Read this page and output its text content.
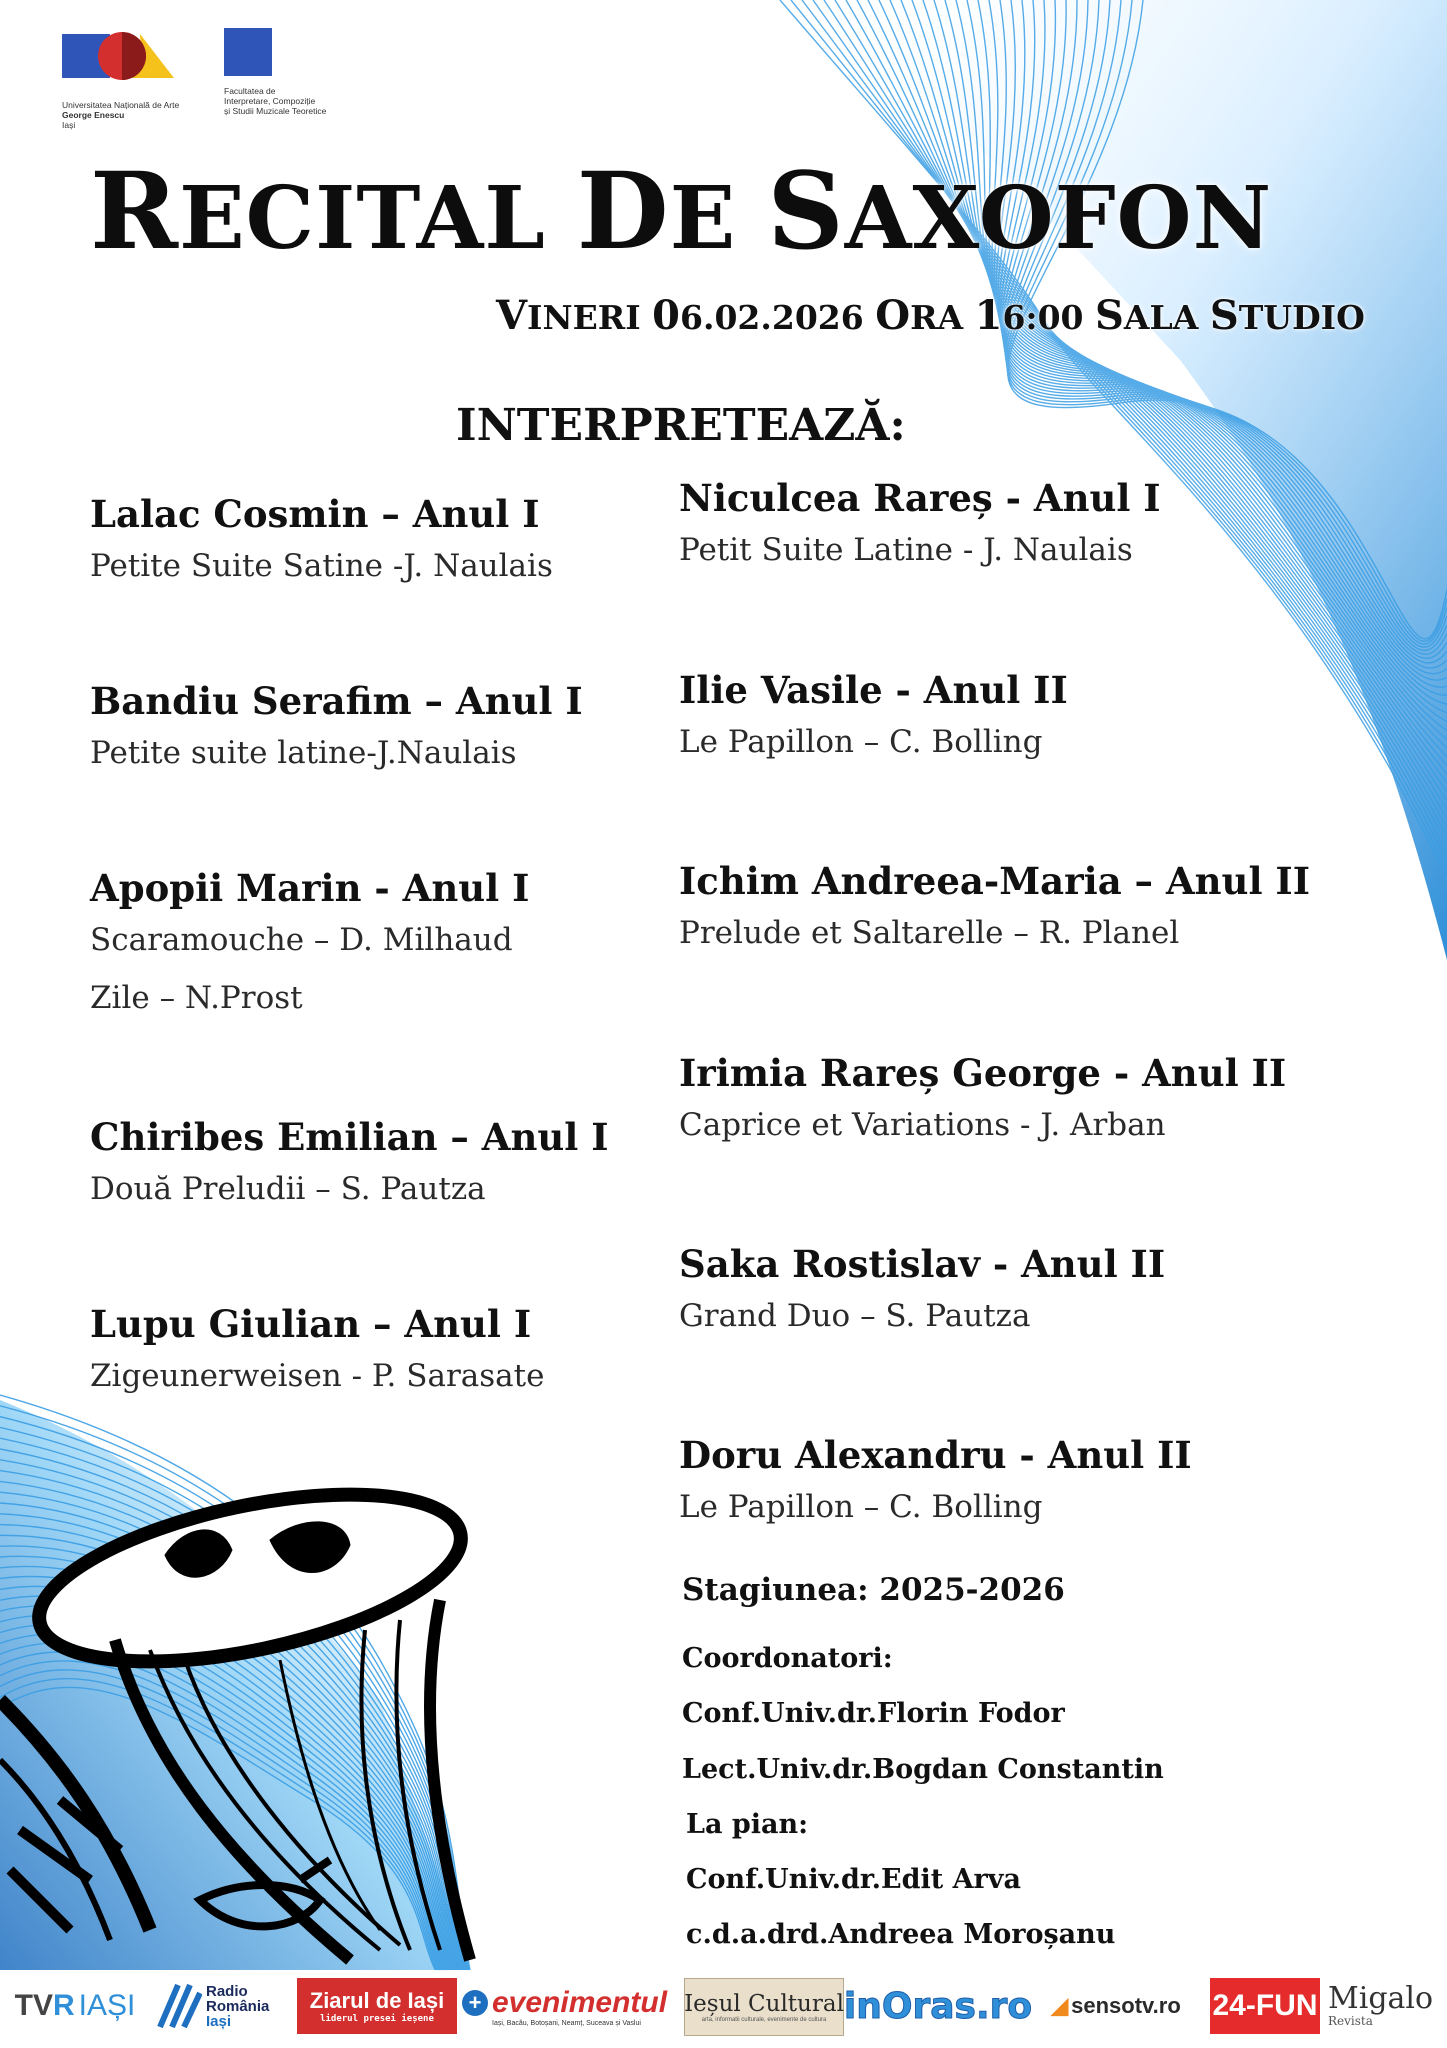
Universitatea Națională de Arte
George Enescu
Iași
Facultatea de
Interpretare, Compoziție
și Studii Muzicale Teoretice
RECITAL DE SAXOFON
VINERI 06.02.2026 ORA 16:00 SALA STUDIO
INTERPRETEAZĂ:
Lalac Cosmin – Anul I
Petite Suite Satine -J. Naulais
Bandiu Serafim – Anul I
Petite suite latine-J.Naulais
Apopii Marin - Anul I
Scaramouche – D. Milhaud
Zile – N.Prost
Chiribes Emilian – Anul I
Două Preludii – S. Pautza
Lupu Giulian – Anul I
Zigeunerweisen - P. Sarasate
Niculcea Rareș - Anul I
Petit Suite Latine - J. Naulais
Ilie Vasile - Anul II
Le Papillon – C. Bolling
Ichim Andreea-Maria – Anul II
Prelude et Saltarelle – R. Planel
Irimia Rareș George - Anul II
Caprice et Variations - J. Arban
Saka Rostislav - Anul II
Grand Duo – S. Pautza
Doru Alexandru - Anul II
Le Papillon – C. Bolling
Stagiunea: 2025-2026
Coordonatori:
Conf.Univ.dr.Florin Fodor
Lect.Univ.dr.Bogdan Constantin
La pian:
Conf.Univ.dr.Edit Arva
c.d.a.drd.Andreea Moroșanu
TV R IAȘI	Radio
România
Iași
Ziarul de Iași
liderul presei ieșene
+ evenimentul
Iași, Bacău, Botoșani, Neamț, Suceava și Vaslui
Ieșul Cultural
arta, informatii culturale, evenimente de cultura inOras.ro ◢ sensotv.ro 24-FUN Migalo
Revista
